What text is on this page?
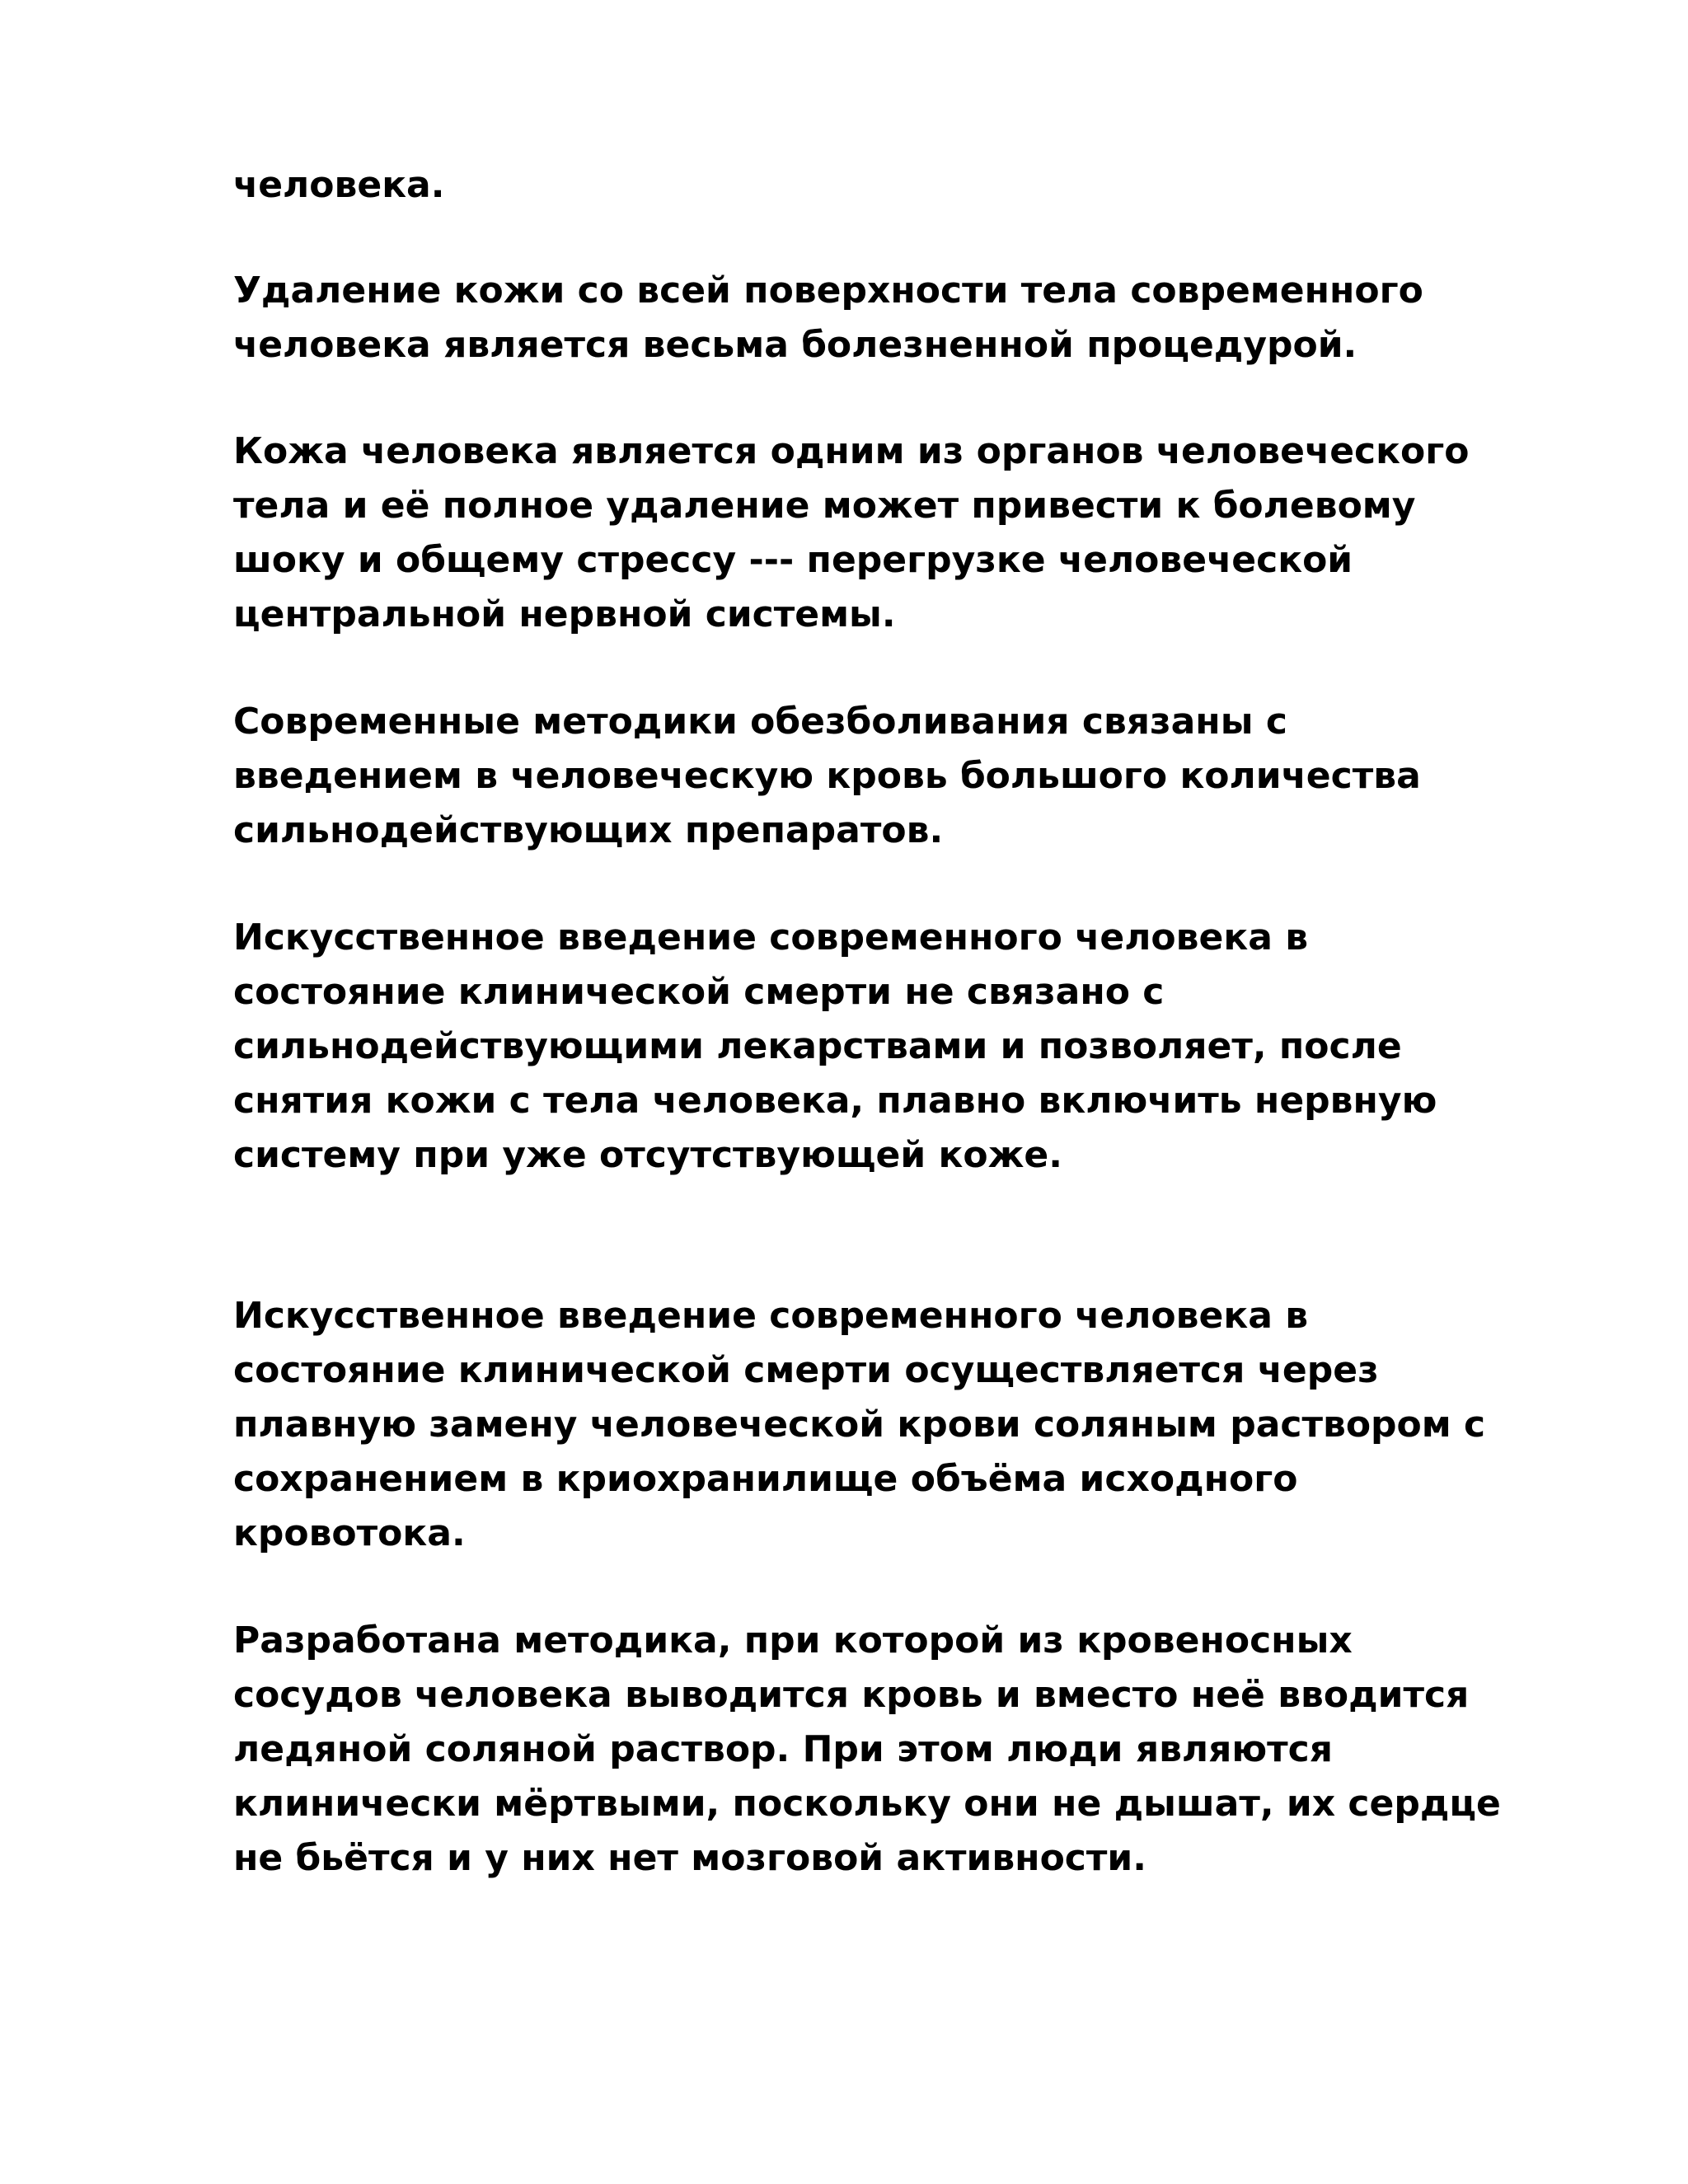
человека.
Удаление кожи со всей поверхности тела современного
человека является весьма болезненной процедурой.
Кожа человека является одним из органов человеческого
тела и её полное удаление может привести к болевому
шоку и общему стрессу --- перегрузке человеческой
центральной нервной системы.
Современные методики обезболивания связаны с
введением в человеческую кровь большого количества
сильнодействующих препаратов.
Искусственное введение современного человека в
состояние клинической смерти не связано с
сильнодействующими лекарствами и позволяет, после
снятия кожи с тела человека, плавно включить нервную
систему при уже отсутствующей коже.
Искусственное введение современного человека в
состояние клинической смерти осуществляется через
плавную замену человеческой крови соляным раствором с
сохранением в криохранилище объёма исходного
кровотока.
Разработана методика, при которой из кровеносных
сосудов человека выводится кровь и вместо неё вводится
ледяной соляной раствор. При этом люди являются
клинически мёртвыми, поскольку они не дышат, их сердце
не бьётся и у них нет мозговой активности.
